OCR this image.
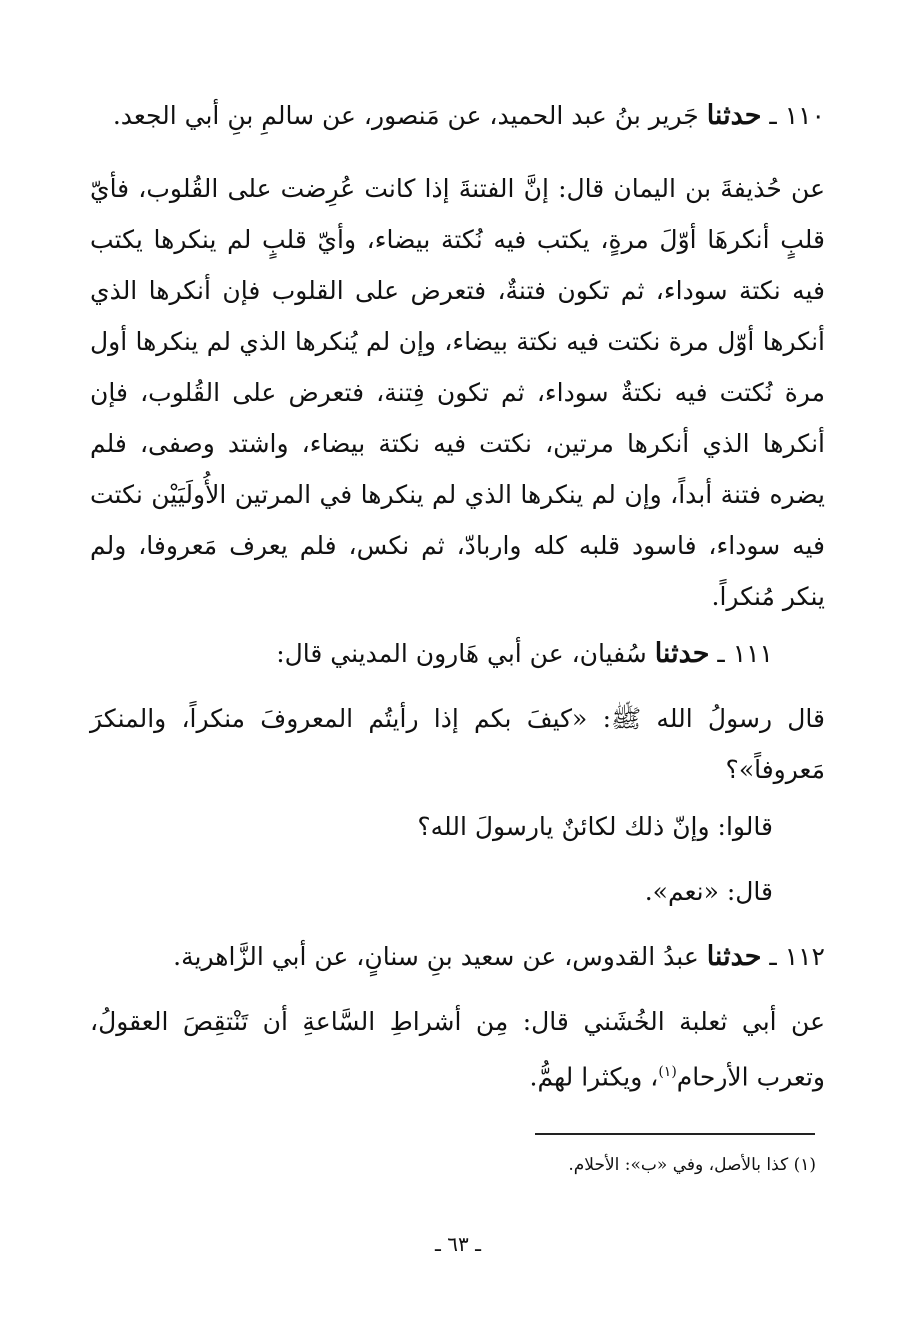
١١٠ ـ حدثنا جَرير بنُ عبد الحميد، عن مَنصور، عن سالمِ بنِ أبي الجعد.

عن حُذيفةَ بن اليمان قال: إنَّ الفتنةَ إذا كانت عُرِضت على القُلوب، فأيّ قلبٍ أنكرهَا أوّلَ مرةٍ، يكتب فيه نُكتة بيضاء، وأيّ قلبٍ لم ينكرها يكتب فيه نكتة سوداء، ثم تكون فتنةٌ، فتعرض على القلوب فإن أنكرها الذي أنكرها أوّل مرة نكتت فيه نكتة بيضاء، وإن لم يُنكرها الذي لم ينكرها أول مرة نُكتت فيه نكتةٌ سوداء، ثم تكون فِتنة، فتعرض على القُلوب، فإن أنكرها الذي أنكرها مرتين، نكتت فيه نكتة بيضاء، واشتد وصفى، فلم يضره فتنة أبداً، وإن لم ينكرها الذي لم ينكرها في المرتين الأُولَيَيْن نكتت فيه سوداء، فاسود قلبه كله واربادّ، ثم نكس، فلم يعرف مَعروفا، ولم ينكر مُنكراً.

١١١ ـ حدثنا سُفيان، عن أبي هَارون المديني قال:

قال رسولُ الله ﷺ: «كيفَ بكم إذا رأيتُم المعروفَ منكراً، والمنكرَ مَعروفاً»؟

قالوا: وإنّ ذلك لكائنٌ يارسولَ الله؟

قال: «نعم».

١١٢ ـ حدثنا عبدُ القدوس، عن سعيد بنِ سنانٍ، عن أبي الزَّاهرية.

عن أبي ثعلبة الخُشَني قال: مِن أشراطِ السَّاعةِ أن تَنْتقِصَ العقولُ، وتعرب الأرحام$^{(١)}$، ويكثرا لهمُّ.

(١) كذا بالأصل، وفي «ب»: الأحلام.
ـ ٦٣ ـ
